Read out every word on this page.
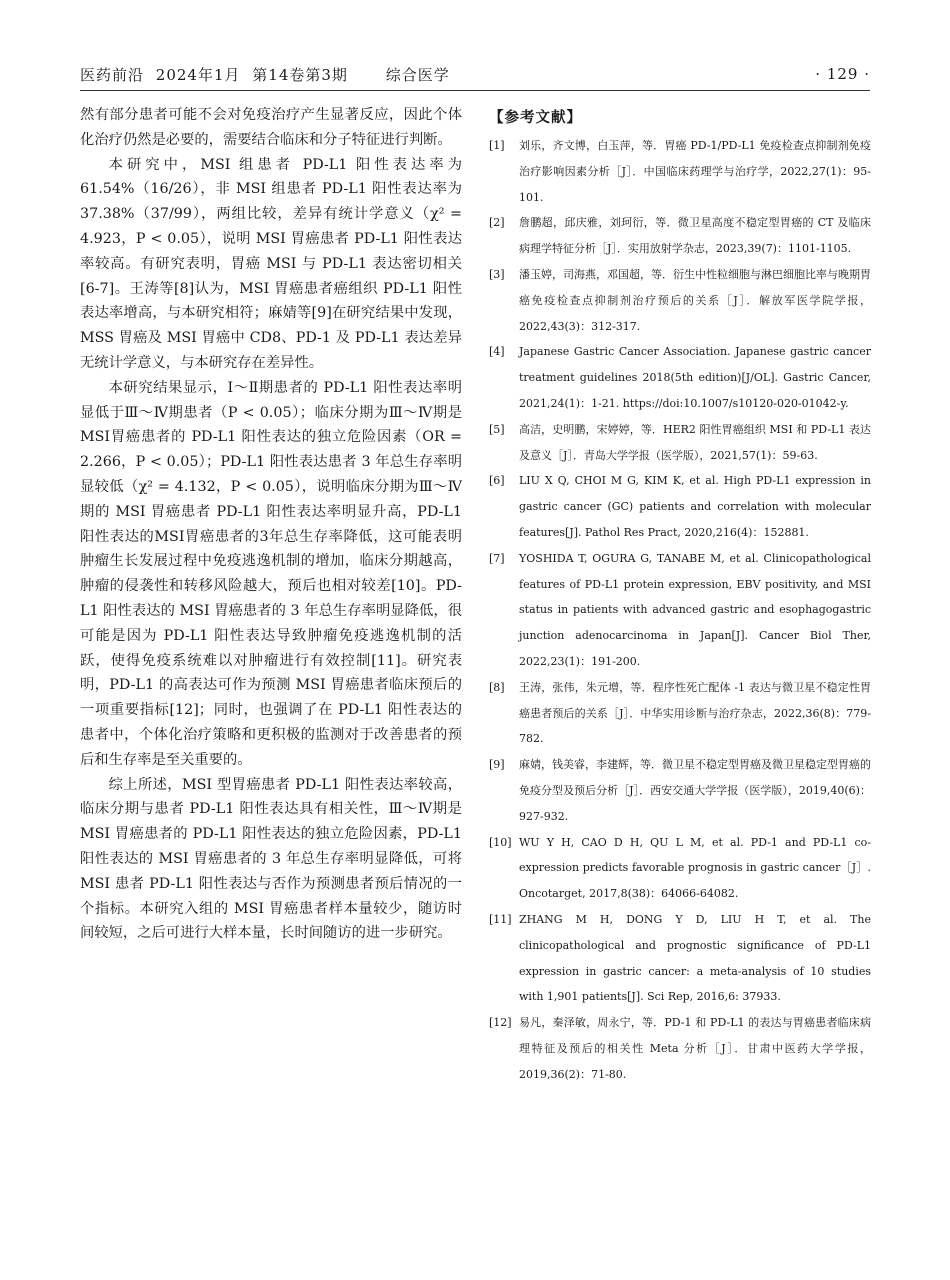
医药前沿 2024年1月 第14卷第3期	综合医学	· 129 ·

然有部分患者可能不会对免疫治疗产生显著反应，因此个体化治疗仍然是必要的，需要结合临床和分子特征进行判断。

本研究中，MSI 组患者 PD-L1 阳性表达率为 61.54%（16/26），非 MSI 组患者 PD-L1 阳性表达率为 37.38%（37/99），两组比较，差异有统计学意义（χ² = 4.923，P < 0.05），说明 MSI 胃癌患者 PD-L1 阳性表达率较高。有研究表明，胃癌 MSI 与 PD-L1 表达密切相关[6-7]。王涛等[8]认为，MSI 胃癌患者癌组织 PD-L1 阳性表达率增高，与本研究相符；麻婧等[9]在研究结果中发现，MSS 胃癌及 MSI 胃癌中 CD8、PD-1 及 PD-L1 表达差异无统计学意义，与本研究存在差异性。

本研究结果显示，Ⅰ～Ⅱ期患者的 PD-L1 阳性表达率明显低于Ⅲ～Ⅳ期患者（P < 0.05）；临床分期为Ⅲ～Ⅳ期是 MSI胃癌患者的 PD-L1 阳性表达的独立危险因素（OR = 2.266，P < 0.05）；PD-L1 阳性表达患者 3 年总生存率明显较低（χ² = 4.132，P < 0.05），说明临床分期为Ⅲ～Ⅳ期的 MSI 胃癌患者 PD-L1 阳性表达率明显升高，PD-L1 阳性表达的MSI胃癌患者的3年总生存率降低，这可能表明肿瘤生长发展过程中免疫逃逸机制的增加，临床分期越高，肿瘤的侵袭性和转移风险越大，预后也相对较差[10]。PD-L1 阳性表达的 MSI 胃癌患者的 3 年总生存率明显降低，很可能是因为 PD-L1 阳性表达导致肿瘤免疫逃逸机制的活跃，使得免疫系统难以对肿瘤进行有效控制[11]。研究表明，PD-L1 的高表达可作为预测 MSI 胃癌患者临床预后的一项重要指标[12]；同时，也强调了在 PD-L1 阳性表达的患者中，个体化治疗策略和更积极的监测对于改善患者的预后和生存率是至关重要的。

综上所述，MSI 型胃癌患者 PD-L1 阳性表达率较高，临床分期与患者 PD-L1 阳性表达具有相关性，Ⅲ～Ⅳ期是 MSI 胃癌患者的 PD-L1 阳性表达的独立危险因素，PD-L1 阳性表达的 MSI 胃癌患者的 3 年总生存率明显降低，可将 MSI 患者 PD-L1 阳性表达与否作为预测患者预后情况的一个指标。本研究入组的 MSI 胃癌患者样本量较少，随访时间较短，之后可进行大样本量，长时间随访的进一步研究。

【参考文献】
[1]	刘乐，齐文博，白玉萍，等．胃癌 PD-1/PD-L1 免疫检查点抑制剂免疫治疗影响因素分析［J］．中国临床药理学与治疗学，2022,27(1)：95-101.
[2]	詹鹏超，邱庆雅，刘珂衍，等．微卫星高度不稳定型胃癌的 CT 及临床病理学特征分析［J］．实用放射学杂志，2023,39(7)：1101-1105.
[3]	潘玉婷，司海燕，邓国超，等．衍生中性粒细胞与淋巴细胞比率与晚期胃癌免疫检查点抑制剂治疗预后的关系［J］．解放军医学院学报，2022,43(3)：312-317.
[4]	Japanese Gastric Cancer Association. Japanese gastric cancer treatment guidelines 2018(5th edition)[J/OL]. Gastric Cancer, 2021,24(1)：1-21. https://doi:10.1007/s10120-020-01042-y.
[5]	高洁，史明鹏，宋婷婷，等．HER2 阳性胃癌组织 MSI 和 PD-L1 表达及意义［J］．青岛大学学报（医学版），2021,57(1)：59-63.
[6]	LIU X Q, CHOI M G, KIM K, et al. High PD-L1 expression in gastric cancer (GC) patients and correlation with molecular features[J]. Pathol Res Pract, 2020,216(4)：152881.
[7]	YOSHIDA T, OGURA G, TANABE M, et al. Clinicopathological features of PD-L1 protein expression, EBV positivity, and MSI status in patients with advanced gastric and esophagogastric junction adenocarcinoma in Japan[J]. Cancer Biol Ther, 2022,23(1)：191-200.
[8]	王涛，张伟，朱元增，等．程序性死亡配体 -1 表达与微卫星不稳定性胃癌患者预后的关系［J］．中华实用诊断与治疗杂志，2022,36(8)：779-782.
[9]	麻婧，钱美睿，李建辉，等．微卫星不稳定型胃癌及微卫星稳定型胃癌的免疫分型及预后分析［J］．西安交通大学学报（医学版），2019,40(6)：927-932.
[10] WU Y H, CAO D H, QU L M, et al. PD-1 and PD-L1 co-expression predicts favorable prognosis in gastric cancer［J］. Oncotarget, 2017,8(38)：64066-64082.
[11] ZHANG M H, DONG Y D, LIU H T, et al. The clinicopathological and prognostic significance of PD-L1 expression in gastric cancer: a meta-analysis of 10 studies with 1,901 patients[J]. Sci Rep, 2016,6: 37933.
[12] 易凡，秦泽敏，周永宁，等．PD-1 和 PD-L1 的表达与胃癌患者临床病理特征及预后的相关性 Meta 分析［J］．甘肃中医药大学学报，2019,36(2)：71-80.
